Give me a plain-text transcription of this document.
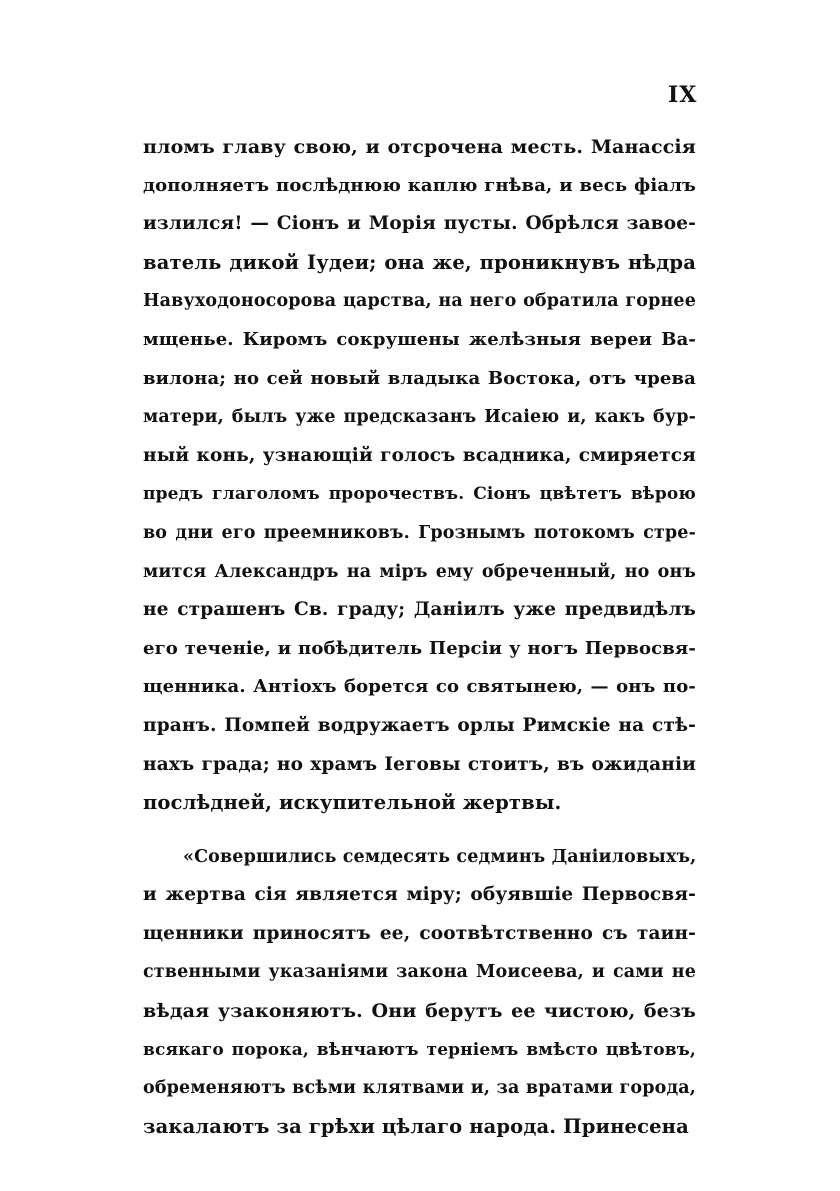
IX
пломъ главу свою, и отсрочена месть. Манассія
дополняетъ послѣднюю каплю гнѣва, и весь фіалъ
излился! — Сіонъ и Морія пусты. Обрѣлся завое-
ватель дикой Іудеи; она же, проникнувъ нѣдра
Навуходоносорова царства, на него обратила горнее
мщенье. Киромъ сокрушены желѣзныя вереи Ва-
вилона; но сей новый владыка Востока, отъ чрева
матери, былъ уже предсказанъ Исаіею и, какъ бур-
ный конь, узнающій голосъ всадника, смиряется
предъ глаголомъ пророчествъ. Сіонъ цвѣтетъ вѣрою
во дни его преемниковъ. Грознымъ потокомъ стре-
мится Александръ на міръ ему обреченный, но онъ
не страшенъ Св. граду; Даніилъ уже предвидѣлъ
его теченіе, и побѣдитель Персіи у ногъ Первосвя-
щенника. Антіохъ борется со святынею, — онъ по-
пранъ. Помпей водружаетъ орлы Римскіе на стѣ-
нахъ града; но храмъ Іеговы стоитъ, въ ожиданіи
послѣдней, искупительной жертвы.
«Совершились семдесять седминъ Даніиловыхъ,
и жертва сія является міру; обуявшіе Первосвя-
щенники приносятъ ее, соотвѣтственно съ таин-
ственными указаніями закона Моисеева, и сами не
вѣдая узаконяютъ. Они берутъ ее чистою, безъ
всякаго порока, вѣнчаютъ терніемъ вмѣсто цвѣтовъ,
обременяютъ всѣми клятвами и, за вратами города,
закалаютъ за грѣхи цѣлаго народа. Принесена
